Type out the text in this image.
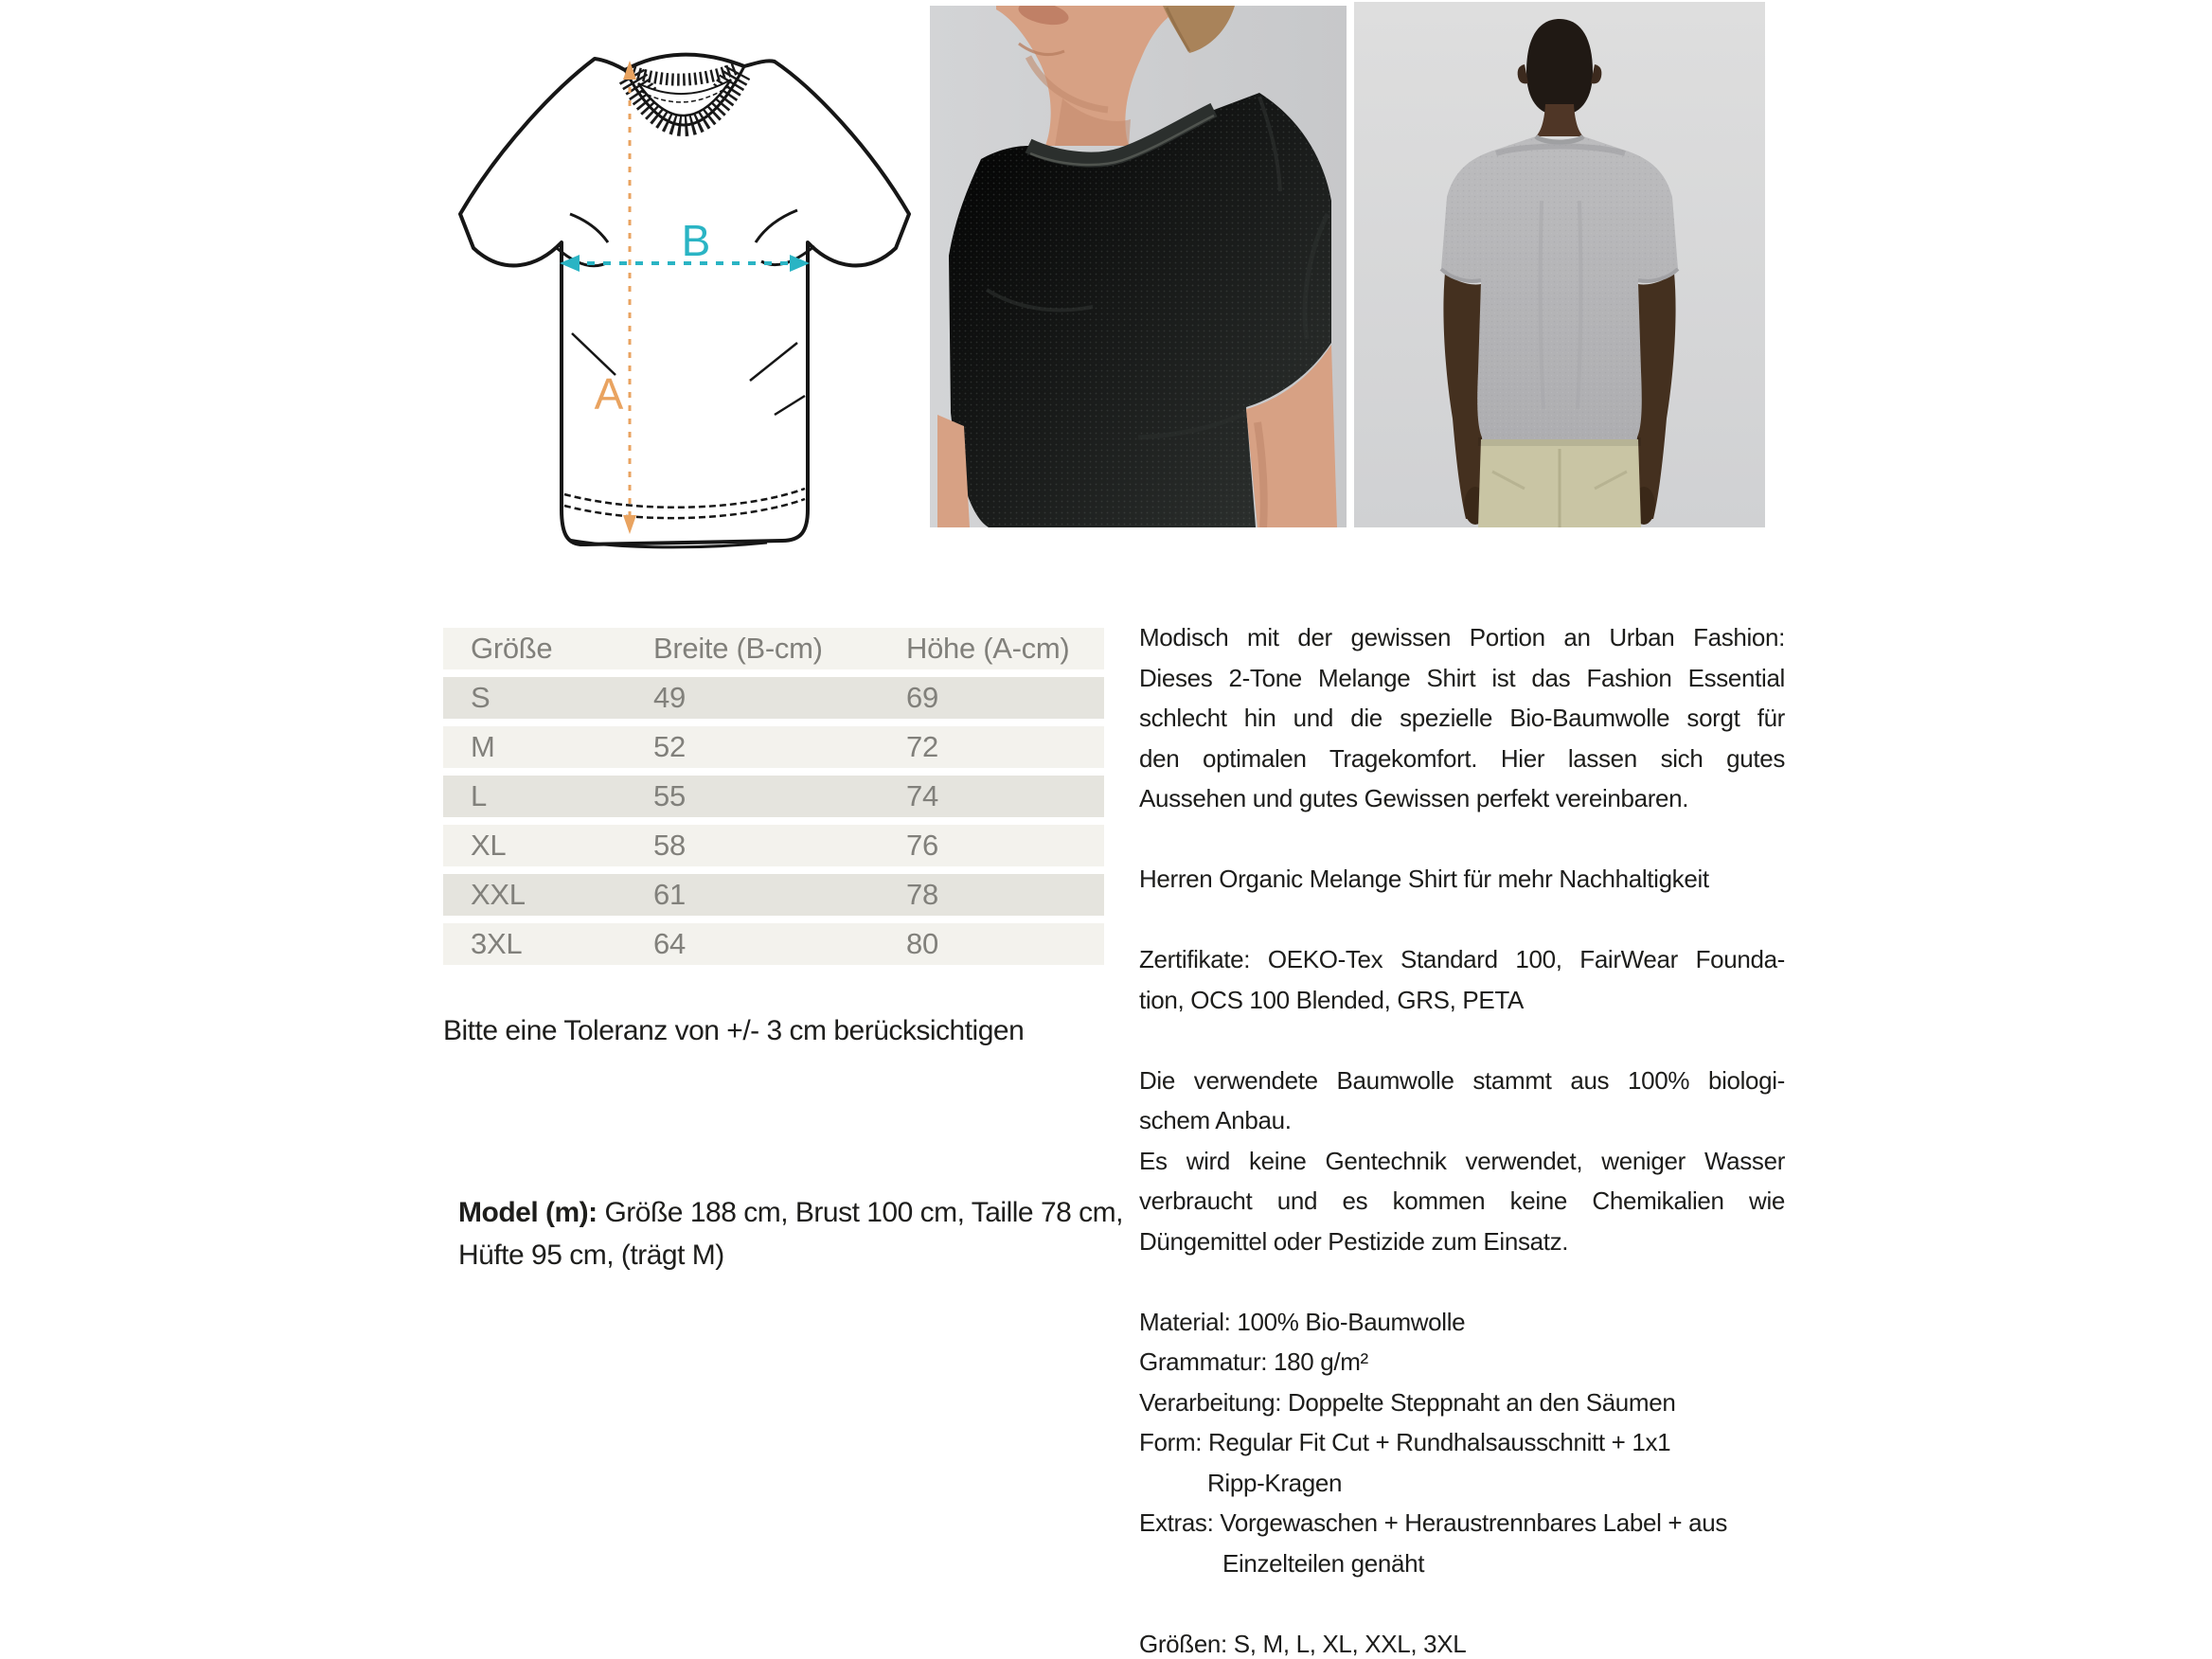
A
B
Größe	Breite (B-cm)	Höhe (A-cm)
S	49	69
M	52	72
L	55	74
XL	58	76
XXL	61	78
3XL	64	80
Bitte eine Toleranz von +/- 3 cm berücksichtigen
Model (m): Größe 188 cm, Brust 100 cm, Taille 78 cm,
Hüfte 95 cm, (trägt M)
Modisch mit der gewissen Portion an Urban Fashion:
Dieses 2-Tone Melange Shirt ist das Fashion Essential
schlecht hin und die spezielle Bio-Baumwolle sorgt für
den optimalen Tragekomfort. Hier lassen sich gutes
Aussehen und gutes Gewissen perfekt vereinbaren.
Herren Organic Melange Shirt für mehr Nachhaltigkeit
Zertifikate: OEKO-Tex Standard 100, FairWear Founda-
tion, OCS 100 Blended, GRS, PETA
Die verwendete Baumwolle stammt aus 100% biologi-
schem Anbau.
Es wird keine Gentechnik verwendet, weniger Wasser
verbraucht und es kommen keine Chemikalien wie
Düngemittel oder Pestizide zum Einsatz.
Material: 100% Bio-Baumwolle
Grammatur: 180 g/m²
Verarbeitung: Doppelte Steppnaht an den Säumen
Form: Regular Fit Cut + Rundhalsausschnitt + 1x1
Ripp-Kragen
Extras: Vorgewaschen + Heraustrennbares Label + aus
Einzelteilen genäht
Größen: S, M, L, XL, XXL, 3XL
